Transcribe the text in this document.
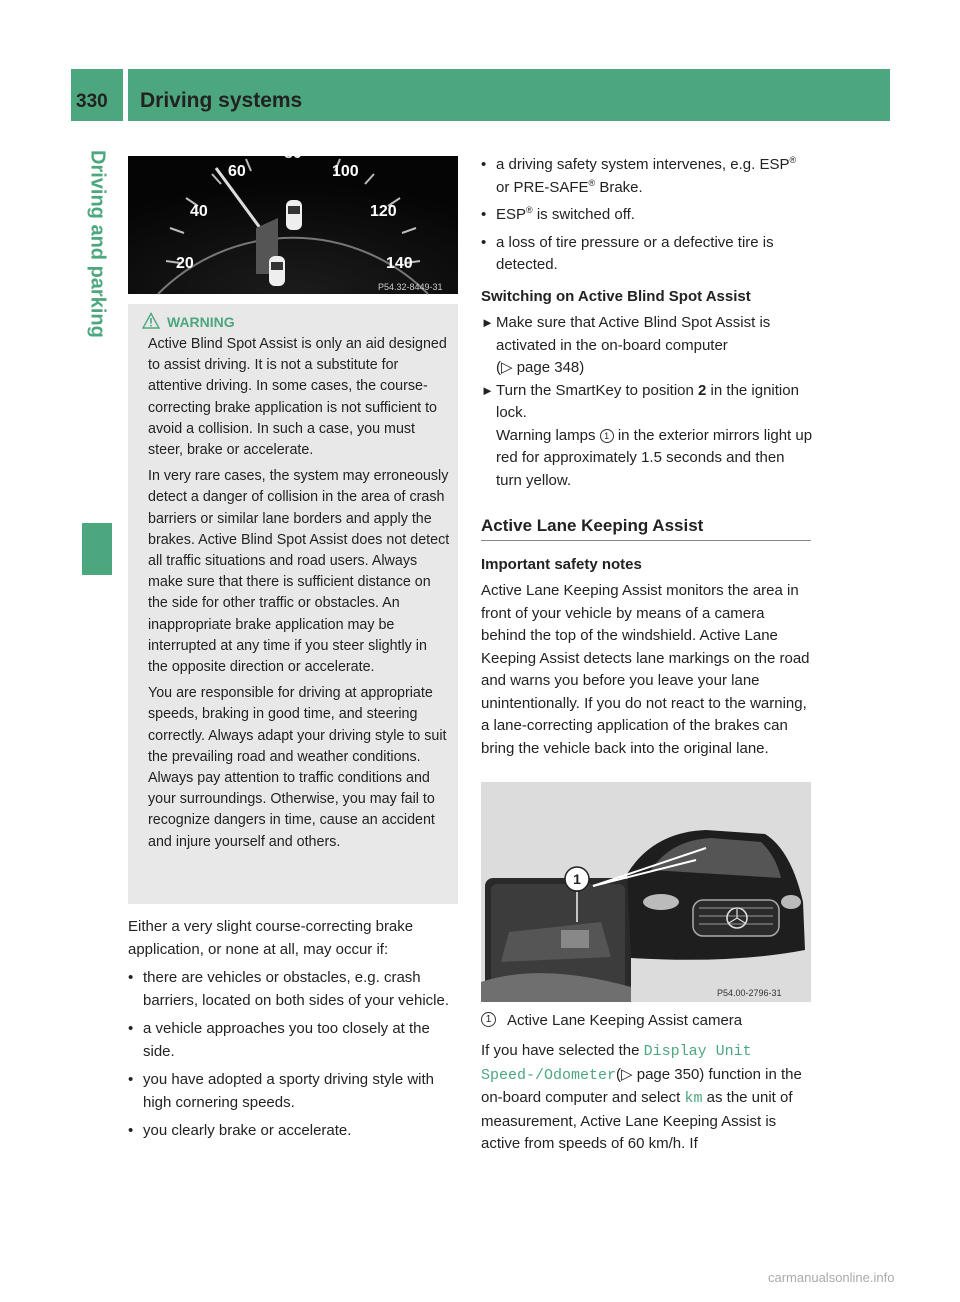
330 Driving systems
Driving and parking	20
40
60
80
100
120
140
P54.32-8449-31
WARNING

Active Blind Spot Assist is only an aid designed to assist driving. It is not a substitute for attentive driving. In some cases, the course-correcting brake application is not sufficient to avoid a collision. In such a case, you must steer, brake or accelerate.

In very rare cases, the system may erroneously detect a danger of collision in the area of crash barriers or similar lane borders and apply the brakes. Active Blind Spot Assist does not detect all traffic situations and road users. Always make sure that there is sufficient distance on the side for other traffic or obstacles. An inappropriate brake application may be interrupted at any time if you steer slightly in the opposite direction or accelerate.

You are responsible for driving at appropriate speeds, braking in good time, and steering correctly. Always adapt your driving style to suit the prevailing road and weather conditions. Always pay attention to traffic conditions and your surroundings. Otherwise, you may fail to recognize dangers in time, cause an accident and injure yourself and others.

Either a very slight course-correcting brake application, or none at all, may occur if:

• there are vehicles or obstacles, e.g. crash barriers, located on both sides of your vehicle.

• a vehicle approaches you too closely at the side.

• you have adopted a sporty driving style with high cornering speeds.

• you clearly brake or accelerate.

• a driving safety system intervenes, e.g. ESP® or PRE-SAFE® Brake.

• ESP® is switched off.

• a loss of tire pressure or a defective tire is detected.

Switching on Active Blind Spot Assist

► Make sure that Active Blind Spot Assist is activated in the on-board computer
(▷ page 348)

► Turn the SmartKey to position 2 in the ignition lock.
Warning lamps 1 in the exterior mirrors light up red for approximately 1.5 seconds and then turn yellow.

Active Lane Keeping Assist
Important safety notes

Active Lane Keeping Assist monitors the area in front of your vehicle by means of a camera behind the top of the windshield. Active Lane Keeping Assist detects lane markings on the road and warns you before you leave your lane unintentionally. If you do not react to the warning, a lane-correcting application of the brakes can bring the vehicle back into the original lane.

1
P54.00-2796-31

1	Active Lane Keeping Assist camera

If you have selected the Display Unit Speed-/Odometer(▷ page 350) function in the on-board computer and select km as the unit of measurement, Active Lane Keeping Assist is active from speeds of 60 km/h. If

carmanualsonline.info
